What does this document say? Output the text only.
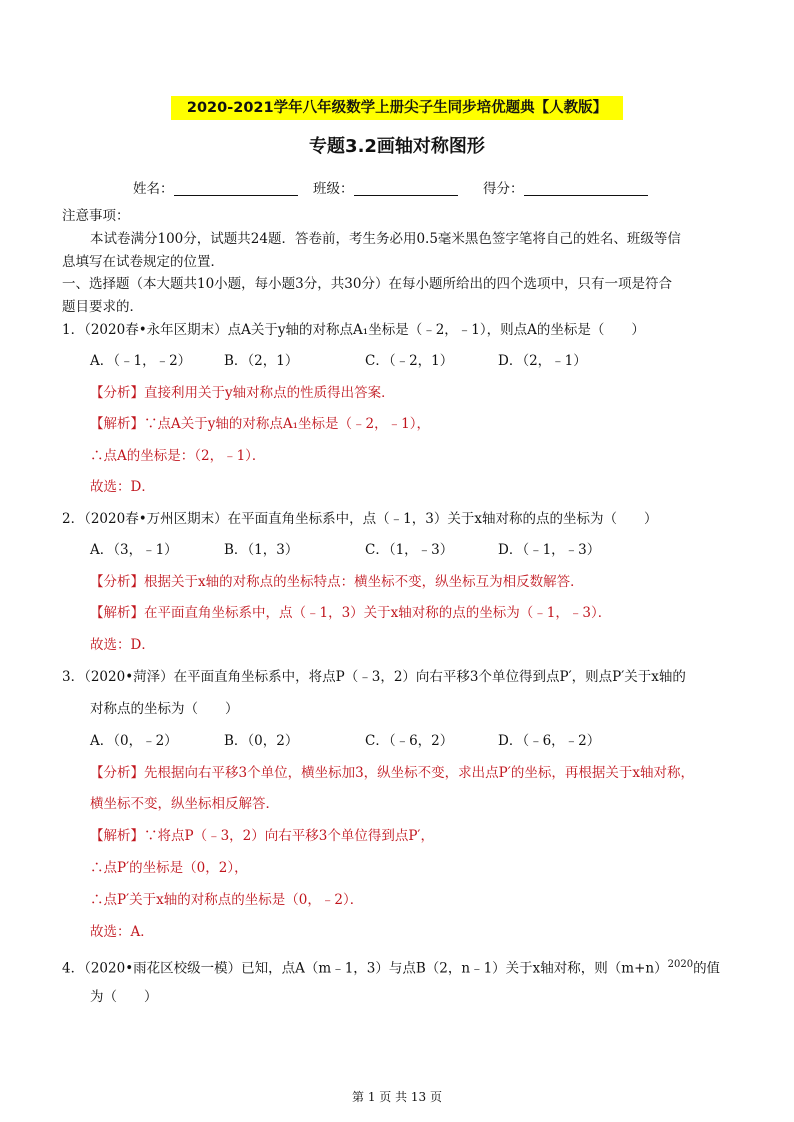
2020-2021学年八年级数学上册尖子生同步培优题典【人教版】
专题3.2画轴对称图形
姓名：	班级：	得分：
注意事项：
本试卷满分100分，试题共24题．答卷前，考生务必用0.5毫米黑色签字笔将自己的姓名、班级等信
息填写在试卷规定的位置．
一、选择题（本大题共10小题，每小题3分，共30分）在每小题所给出的四个选项中，只有一项是符合
题目要求的．
1．（2020春•永年区期末）点A关于y轴的对称点A₁坐标是（﹣2，﹣1），则点A的坐标是（　　）
A．（﹣1，﹣2） B．（2，1）	C．（﹣2，1）	D．（2，﹣1）
【分析】直接利用关于y轴对称点的性质得出答案．
【解析】∵点A关于y轴的对称点A₁坐标是（﹣2，﹣1），
∴点A的坐标是：（2，﹣1）．
故选：D．
2．（2020春•万州区期末）在平面直角坐标系中，点（﹣1，3）关于x轴对称的点的坐标为（　　）
A．（3，﹣1）	B．（1，3）	C．（1，﹣3）	D．（﹣1，﹣3）
【分析】根据关于x轴的对称点的坐标特点：横坐标不变，纵坐标互为相反数解答．
【解析】在平面直角坐标系中，点（﹣1，3）关于x轴对称的点的坐标为（﹣1，﹣3）．
故选：D．
3．（2020•菏泽）在平面直角坐标系中，将点P（﹣3，2）向右平移3个单位得到点P′，则点P′关于x轴的
对称点的坐标为（　　）
A．（0，﹣2）	B．（0，2）	C．（﹣6，2）	D．（﹣6，﹣2）
【分析】先根据向右平移3个单位，横坐标加3，纵坐标不变，求出点P′的坐标，再根据关于x轴对称，
横坐标不变，纵坐标相反解答．
【解析】∵将点P（﹣3，2）向右平移3个单位得到点P′，
∴点P′的坐标是（0，2），
∴点P′关于x轴的对称点的坐标是（0，﹣2）．
故选：A．
4．（2020•雨花区校级一模）已知，点A（m﹣1，3）与点B（2，n﹣1）关于x轴对称，则$(m+n)^{2020}$的值
为（　　）
第 1 页 共 13 页
